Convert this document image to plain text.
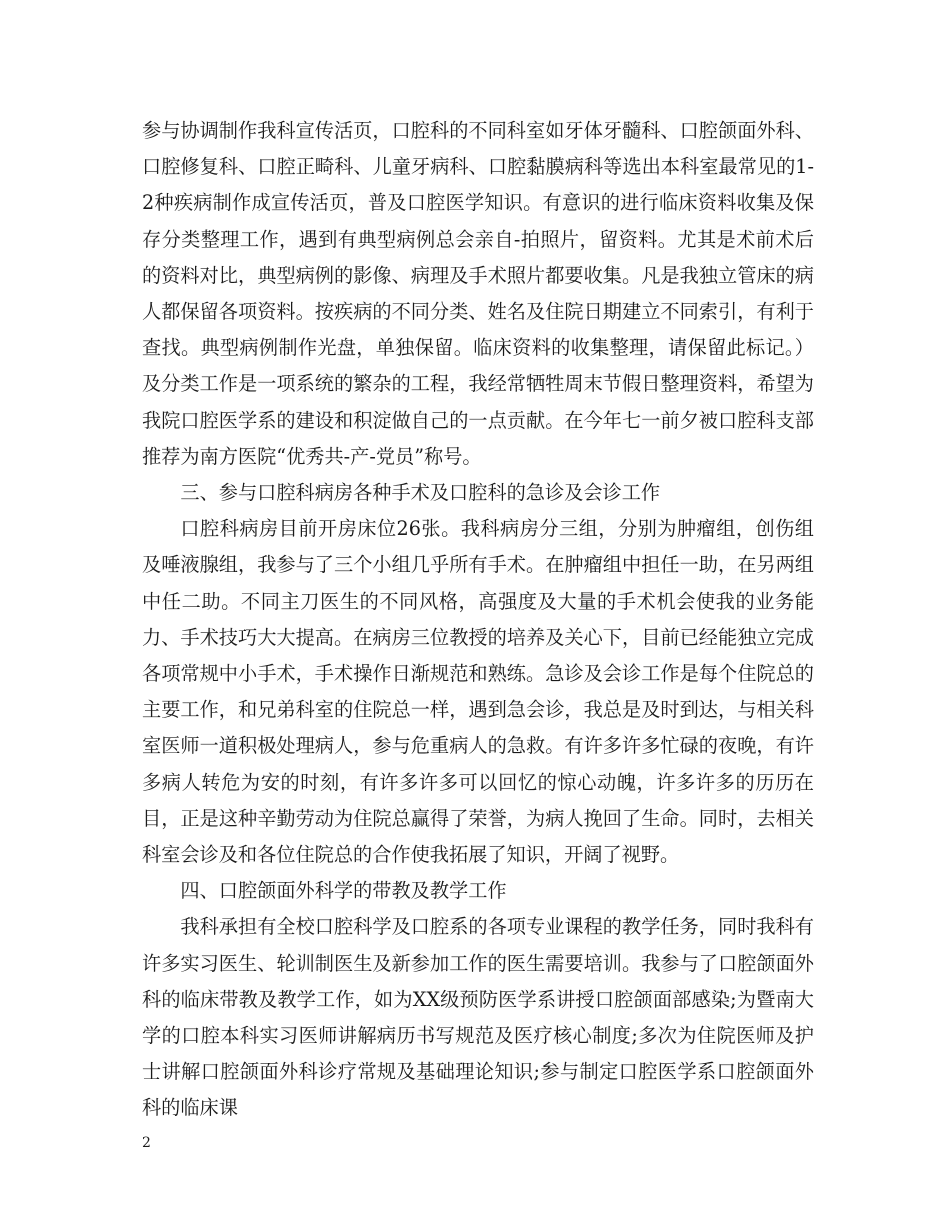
参与协调制作我科宣传活页，口腔科的不同科室如牙体牙髓科、口腔颌面外科、口腔修复科、口腔正畸科、儿童牙病科、口腔黏膜病科等选出本科室最常见的1-2种疾病制作成宣传活页，普及口腔医学知识。有意识的进行临床资料收集及保存分类整理工作，遇到有典型病例总会亲自-拍照片，留资料。尤其是术前术后的资料对比，典型病例的影像、病理及手术照片都要收集。凡是我独立管床的病人都保留各项资料。按疾病的不同分类、姓名及住院日期建立不同索引，有利于查找。典型病例制作光盘，单独保留。临床资料的收集整理，请保留此标记。）及分类工作是一项系统的繁杂的工程，我经常牺牲周末节假日整理资料，希望为我院口腔医学系的建设和积淀做自己的一点贡献。在今年七一前夕被口腔科支部推荐为南方医院“优秀共-产-党员”称号。

三、参与口腔科病房各种手术及口腔科的急诊及会诊工作

口腔科病房目前开房床位26张。我科病房分三组，分别为肿瘤组，创伤组及唾液腺组，我参与了三个小组几乎所有手术。在肿瘤组中担任一助，在另两组中任二助。不同主刀医生的不同风格，高强度及大量的手术机会使我的业务能力、手术技巧大大提高。在病房三位教授的培养及关心下，目前已经能独立完成各项常规中小手术，手术操作日渐规范和熟练。急诊及会诊工作是每个住院总的主要工作，和兄弟科室的住院总一样，遇到急会诊，我总是及时到达，与相关科室医师一道积极处理病人，参与危重病人的急救。有许多许多忙碌的夜晚，有许多病人转危为安的时刻，有许多许多可以回忆的惊心动魄，许多许多的历历在目，正是这种辛勤劳动为住院总赢得了荣誉，为病人挽回了生命。同时，去相关科室会诊及和各位住院总的合作使我拓展了知识，开阔了视野。

四、口腔颌面外科学的带教及教学工作

我科承担有全校口腔科学及口腔系的各项专业课程的教学任务，同时我科有许多实习医生、轮训制医生及新参加工作的医生需要培训。我参与了口腔颌面外科的临床带教及教学工作，如为XX级预防医学系讲授口腔颌面部感染;为暨南大学的口腔本科实习医师讲解病历书写规范及医疗核心制度;多次为住院医师及护士讲解口腔颌面外科诊疗常规及基础理论知识;参与制定口腔医学系口腔颌面外科的临床课

2
